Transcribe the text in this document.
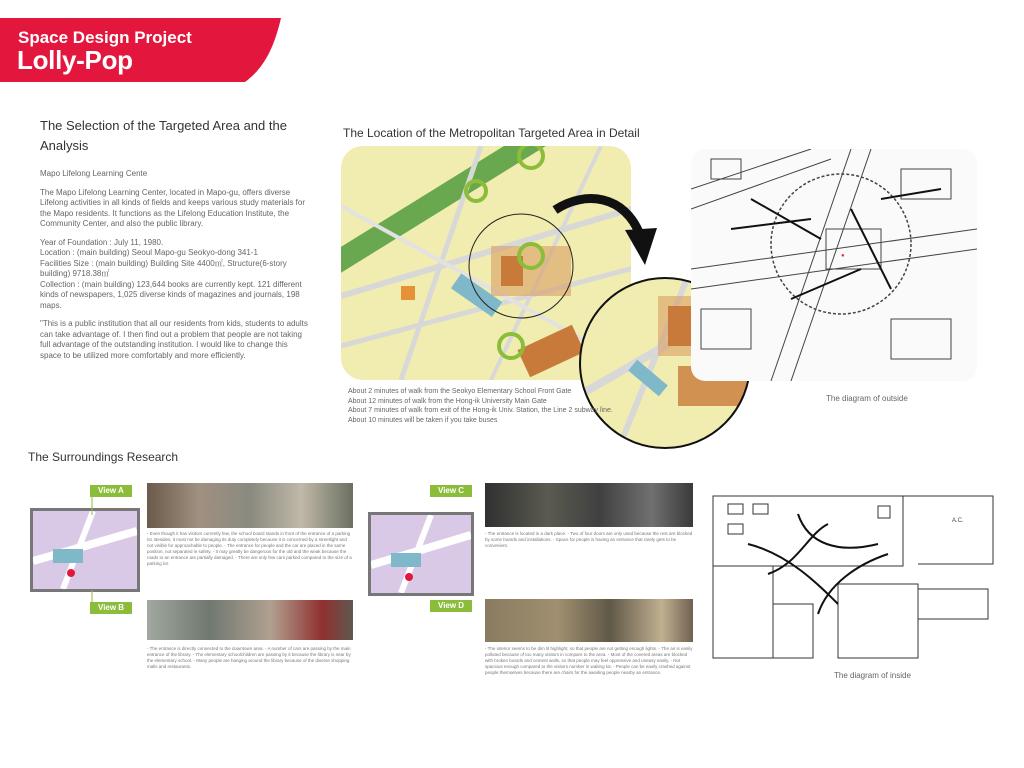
Space Design Project
Lolly-Pop
The Selection of the Targeted Area and the Analysis

Mapo Lifelong Learning Cente

The Mapo Lifelong Learning Center, located in Mapo-gu, offers diverse Lifelong activities in all kinds of fields and keeps various study materials for the Mapo residents. It functions as the Lifelong Education Institute, the Community Center, and also the public library.

Year of Foundation : July 11, 1980.
Location : (main building) Seoul Mapo-gu Seokyo-dong 341-1
Facilities Size : (main building) Building Site 4400㎡, Structure(6-story building) 9718.38㎡
Collection : (main building) 123,644 books are currently kept. 121 different kinds of newspapers, 1,025 diverse kinds of magazines and journals, 198 maps.

"This is a public institution that all our residents from kids, students to adults can take advantage of. I then find out a problem that people are not taking full advantage of the outstanding institution. I would like to change this space to be utilized more comfortably and more efficiently.

The Location of the Metropolitan Targeted Area in Detail
About 2 minutes of walk from the Seokyo Elementary School Front Gate
About 12 minutes of walk from the Hong-ik University Main Gate
About 7 minutes of walk from exit of the Hong-ik Univ. Station, the Line 2 subway line.
About 10 minutes will be taken if you take buses
●
The diagram of outside
The Surroundings Research
View A
View B
- Even though it has visitors currently few, the school board stands in front of the entrance of a parking lot. Besides, it must not be damaging its duty completely because it is concerned by a streetlight and not visible for approachable to people. - The entrance for people and the car are placed in the same position, not separated in safety. - It may greatly be dangerous for the old and the weak because the roads to an entrance are partially damaged. - There are only few cars parked compared to the size of a parking lot.
- The entrance is directly connected to the downtown area. - A number of cars are passing by the main entrance of the library. - The elementary schoolchildren are passing by it because the library is near by the elementary school. - Many people are hanging around the library because of the diverse shopping malls and restaurants.
View C
View D
- The entrance is located in a dark place. - Two of four doors are only used because the rest are blocked by some boards and installations. - Space for people is having an entrance that rarely gets to be convenient.
- The interior seems to be dim lit highlight, so that people are not getting enough lights. - The air is easily polluted because of too many visitors in compare to the area. - Most of the covered areas are blocked with broken boards and cement walls, so that people may feel oppressive and uneasy easily. - Not spacious enough compared to the visitors number in waiting lot. - People can be easily crashed against people themselves because there are chairs for the awaiting people nearby an entrance.
A.C.
The diagram of inside
